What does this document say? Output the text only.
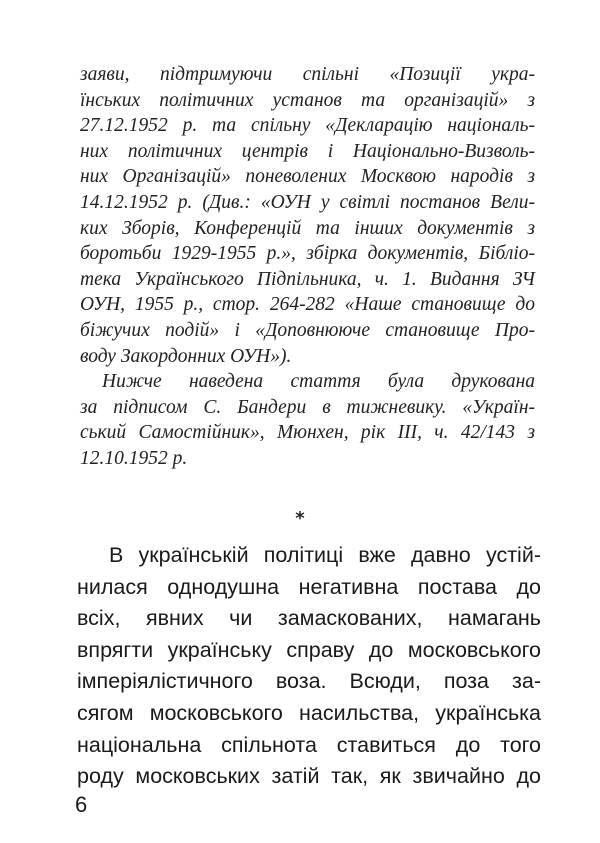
заяви, підтримуючи спільні «Позиції укра-
їнських політичних установ та організацій» з
27.12.1952 р. та спільну «Декларацію національ-
них політичних центрів і Національно-Визволь-
них Організацій» поневолених Москвою народів з
14.12.1952 р. (Див.: «ОУН у світлі постанов Вели-
ких Зборів, Конференцій та інших документів з
боротьби 1929-1955 р.», збірка документів, Бібліо-
тека Українського Підпільника, ч. 1. Видання ЗЧ
ОУН, 1955 р., стор. 264-282 «Наше становище до
біжучих подій» і «Доповнююче становище Про-
воду Закордонних ОУН»).
Нижче наведена стаття була друкована
за підписом С. Бандери в тижневику. «Україн-
ський Самостійник», Мюнхен, рік III, ч. 42/143 з
12.10.1952 р.
*
В українській політиці вже давно устій-
нилася однодушна негативна постава до
всіх, явних чи замаскованих, намагань
впрягти українську справу до московського
імперіялістичного воза. Всюди, поза за-
сягом московського насильства, українська
національна спільнота ставиться до того
роду московських затій так, як звичайно до
6
